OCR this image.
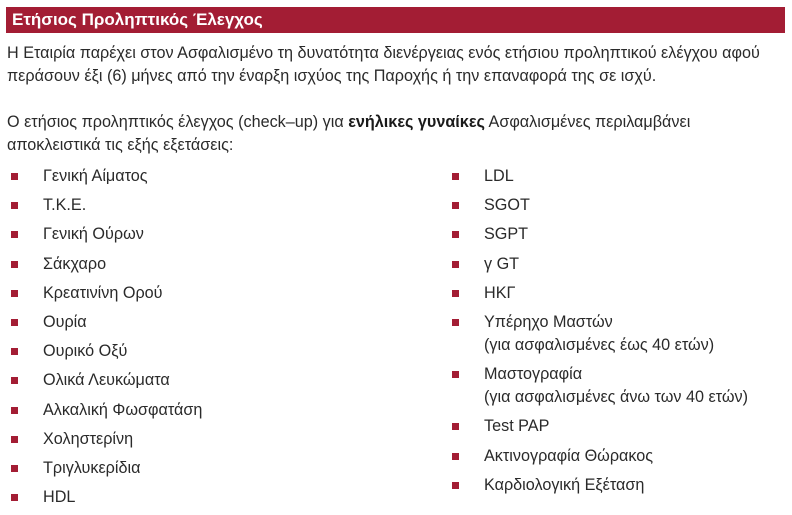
Ετήσιος Προληπτικός Έλεγχος

Η Εταιρία παρέχει στον Ασφαλισμένο τη δυνατότητα διενέργειας ενός ετήσιου προληπτικού ελέγχου αφού περάσουν έξι (6) μήνες από την έναρξη ισχύος της Παροχής ή την επαναφορά της σε ισχύ.

Ο ετήσιος προληπτικός έλεγχος (check–up) για ενήλικες γυναίκες Ασφαλισμένες περιλαμβάνει αποκλειστικά τις εξής εξετάσεις:

Γενική Αίματος
Τ.Κ.Ε.
Γενική Ούρων
Σάκχαρο
Κρεατινίνη Ορού
Ουρία
Ουρικό Οξύ
Ολικά Λευκώματα
Αλκαλική Φωσφατάση
Χοληστερίνη
Τριγλυκερίδια
HDL
LDL
SGOT
SGPT
γ GT
ΗΚΓ
Υπέρηχο Μαστών
(για ασφαλισμένες έως 40 ετών)
Μαστογραφία
(για ασφαλισμένες άνω των 40 ετών)
Test PAP
Ακτινογραφία Θώρακος
Καρδιολογική Εξέταση
